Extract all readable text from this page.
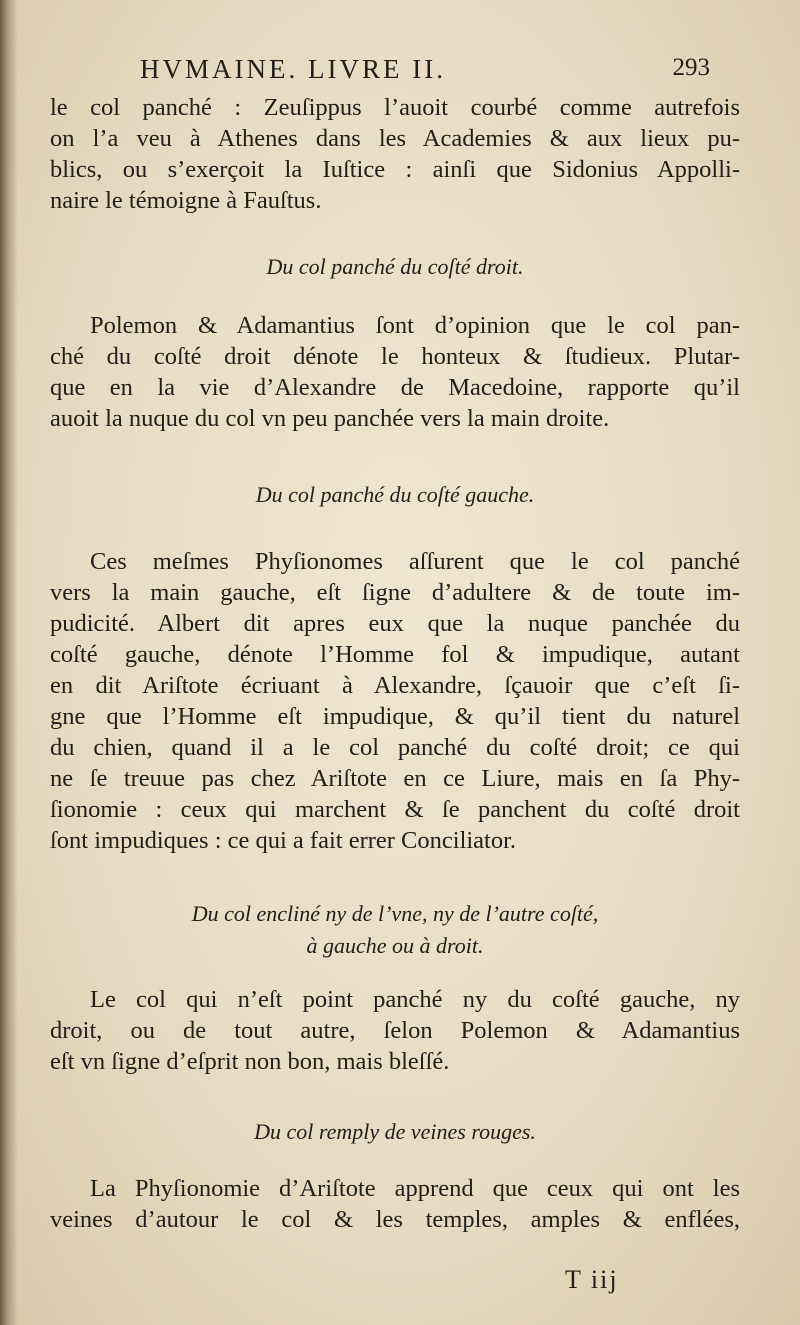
HVMAINE. LIVRE II.	293
le col panché : Zeuſippus l’auoit courbé comme autrefois
on l’a veu à Athenes dans les Academies & aux lieux pu-
blics, ou s’exerçoit la Iuſtice : ainſi que Sidonius Appolli-
naire le témoigne à Fauſtus.
Du col panché du coſté droit.
Polemon & Adamantius ſont d’opinion que le col pan-
ché du coſté droit dénote le honteux & ſtudieux. Plutar-
que en la vie d’Alexandre de Macedoine, rapporte qu’il
auoit la nuque du col vn peu panchée vers la main droite.
Du col panché du coſté gauche.
Ces meſmes Phyſionomes aſſurent que le col panché
vers la main gauche, eſt ſigne d’adultere & de toute im-
pudicité. Albert dit apres eux que la nuque panchée du
coſté gauche, dénote l’Homme fol & impudique, autant
en dit Ariſtote écriuant à Alexandre, ſçauoir que c’eſt ſi-
gne que l’Homme eſt impudique, & qu’il tient du naturel
du chien, quand il a le col panché du coſté droit; ce qui
ne ſe treuue pas chez Ariſtote en ce Liure, mais en ſa Phy-
ſionomie : ceux qui marchent & ſe panchent du coſté droit
ſont impudiques : ce qui a fait errer Conciliator.
Du col encliné ny de l’vne, ny de l’autre coſté,
à gauche ou à droit.
Le col qui n’eſt point panché ny du coſté gauche, ny
droit, ou de tout autre, ſelon Polemon & Adamantius
eſt vn ſigne d’eſprit non bon, mais bleſſé.
Du col remply de veines rouges.
La Phyſionomie d’Ariſtote apprend que ceux qui ont les
veines d’autour le col & les temples, amples & enflées,
T iij
